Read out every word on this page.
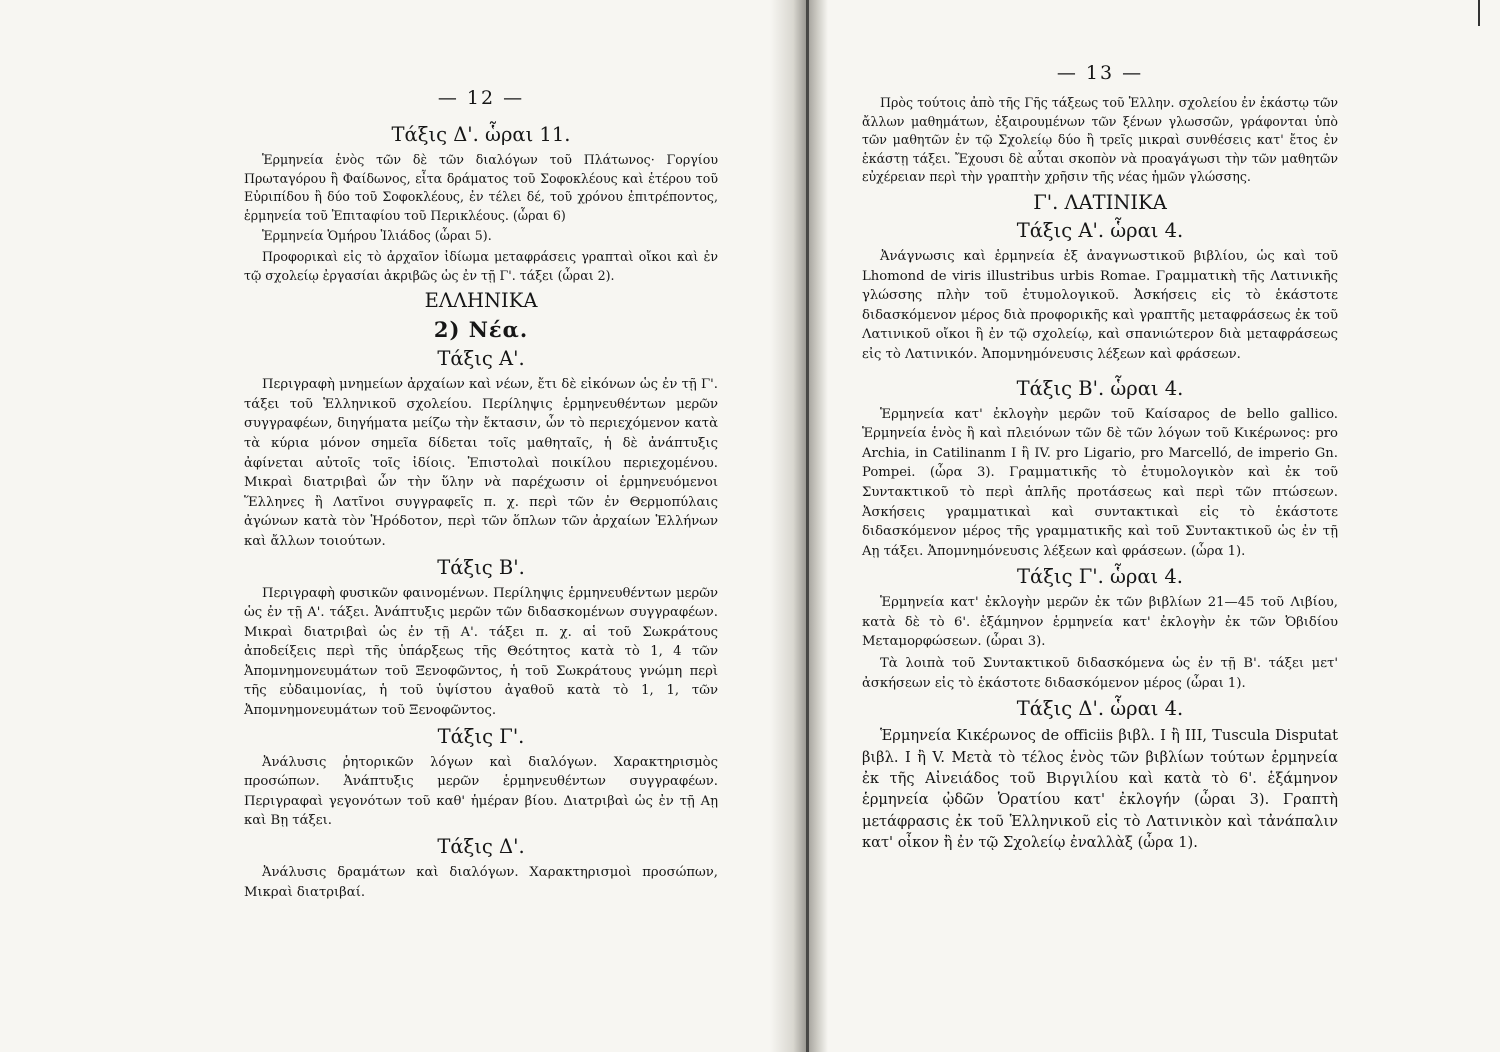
— 12 —
Τάξις Δ'. ὧραι 11.

Ἑρμηνεία ἑνὸς τῶν δὲ τῶν διαλόγων τοῦ Πλάτωνος· Γοργίου Πρωταγόρου ἢ Φαίδωνος, εἶτα δράματος τοῦ Σοφοκλέους καὶ ἑτέρου τοῦ Εὐριπίδου ἢ δύο τοῦ Σοφοκλέους, ἐν τέλει δέ, τοῦ χρόνου ἐπιτρέποντος, ἑρμηνεία τοῦ Ἐπιταφίου τοῦ Περικλέους. (ὧραι 6)

Ἑρμηνεία Ὁμήρου Ἰλιάδος (ὧραι 5).

Προφορικαὶ εἰς τὸ ἀρχαῖον ἰδίωμα μεταφράσεις γραπταὶ οἴκοι καὶ ἐν τῷ σχολείῳ ἐργασίαι ἀκριβῶς ὡς ἐν τῇ Γ'. τάξει (ὧραι 2).

ΕΛΛΗΝΙΚΑ
2) Νέα.
Τάξις Α'.

Περιγραφὴ μνημείων ἀρχαίων καὶ νέων, ἔτι δὲ εἰκόνων ὡς ἐν τῇ Γ'. τάξει τοῦ Ἑλληνικοῦ σχολείου. Περίληψις ἑρμηνευθέντων μερῶν συγγραφέων, διηγήματα μείζω τὴν ἔκτασιν, ὧν τὸ περιεχόμενον κατὰ τὰ κύρια μόνον σημεῖα δίδεται τοῖς μαθηταῖς, ἡ δὲ ἀνάπτυξις ἀφίνεται αὐτοῖς τοῖς ἰδίοις. Ἐπιστολαὶ ποικίλου περιεχομένου. Μικραὶ διατριβαὶ ὧν τὴν ὕλην νὰ παρέχωσιν οἱ ἑρμηνευόμενοι Ἕλληνες ἢ Λατῖνοι συγγραφεῖς π. χ. περὶ τῶν ἐν Θερμοπύλαις ἀγώνων κατὰ τὸν Ἡρόδοτον, περὶ τῶν ὅπλων τῶν ἀρχαίων Ἑλλήνων καὶ ἄλλων τοιούτων.

Τάξις Β'.

Περιγραφὴ φυσικῶν φαινομένων. Περίληψις ἑρμηνευθέντων μερῶν ὡς ἐν τῇ Α'. τάξει. Ἀνάπτυξις μερῶν τῶν διδασκομένων συγγραφέων. Μικραὶ διατριβαὶ ὡς ἐν τῇ Α'. τάξει π. χ. αἱ τοῦ Σωκράτους ἀποδείξεις περὶ τῆς ὑπάρξεως τῆς Θεότητος κατὰ τὸ 1, 4 τῶν Ἀπομνημονευμάτων τοῦ Ξενοφῶντος, ἡ τοῦ Σωκράτους γνώμη περὶ τῆς εὐδαιμονίας, ἡ τοῦ ὑψίστου ἀγαθοῦ κατὰ τὸ 1, 1, τῶν Ἀπομνημονευμάτων τοῦ Ξενοφῶντος.

Τάξις Γ'.

Ἀνάλυσις ῥητορικῶν λόγων καὶ διαλόγων. Χαρακτηρισμὸς προσώπων. Ἀνάπτυξις μερῶν ἑρμηνευθέντων συγγραφέων. Περιγραφαὶ γεγονότων τοῦ καθ' ἡμέραν βίου. Διατριβαὶ ὡς ἐν τῇ Αῃ καὶ Βῃ τάξει.

Τάξις Δ'.

Ἀνάλυσις δραμάτων καὶ διαλόγων. Χαρακτηρισμοὶ προσώπων, Μικραὶ διατριβαί.

— 13 —

Πρὸς τούτοις ἀπὸ τῆς Γῆς τάξεως τοῦ Ἑλλην. σχολείου ἐν ἑκάστῳ τῶν ἄλλων μαθημάτων, ἐξαιρουμένων τῶν ξένων γλωσσῶν, γράφονται ὑπὸ τῶν μαθητῶν ἐν τῷ Σχολείῳ δύο ἢ τρεῖς μικραὶ συνθέσεις κατ' ἔτος ἐν ἑκάστῃ τάξει. Ἔχουσι δὲ αὗται σκοπὸν νὰ προαγάγωσι τὴν τῶν μαθητῶν εὐχέρειαν περὶ τὴν γραπτὴν χρῆσιν τῆς νέας ἡμῶν γλώσσης.

Γ'. ΛΑΤΙΝΙΚΑ
Τάξις Α'. ὧραι 4.

Ἀνάγνωσις καὶ ἑρμηνεία ἐξ ἀναγνωστικοῦ βιβλίου, ὡς καὶ τοῦ Lhomond de viris illustribus urbis Romae. Γραμματικὴ τῆς Λατινικῆς γλώσσης πλὴν τοῦ ἐτυμολογικοῦ. Ἀσκήσεις εἰς τὸ ἑκάστοτε διδασκόμενον μέρος διὰ προφορικῆς καὶ γραπτῆς μεταφράσεως ἐκ τοῦ Λατινικοῦ οἴκοι ἢ ἐν τῷ σχολείῳ, καὶ σπανιώτερον διὰ μεταφράσεως εἰς τὸ Λατινικόν. Ἀπομνημόνευσις λέξεων καὶ φράσεων.

Τάξις Β'. ὧραι 4.

Ἑρμηνεία κατ' ἐκλογὴν μερῶν τοῦ Καίσαρος de bello gallico. Ἑρμηνεία ἑνὸς ἢ καὶ πλειόνων τῶν δὲ τῶν λόγων τοῦ Κικέρωνος: pro Archia, in Catilinanm I ἢ IV. pro Ligario, pro Marcellό, de imperio Gn. Pompei. (ὧρα 3). Γραμματικῆς τὸ ἐτυμολογικὸν καὶ ἐκ τοῦ Συντακτικοῦ τὸ περὶ ἁπλῆς προτάσεως καὶ περὶ τῶν πτώσεων. Ἀσκήσεις γραμματικαὶ καὶ συντακτικαὶ εἰς τὸ ἑκάστοτε διδασκόμενον μέρος τῆς γραμματικῆς καὶ τοῦ Συντακτικοῦ ὡς ἐν τῇ Αῃ τάξει. Ἀπομνημόνευσις λέξεων καὶ φράσεων. (ὧρα 1).

Τάξις Γ'. ὧραι 4.

Ἑρμηνεία κατ' ἐκλογὴν μερῶν ἐκ τῶν βιβλίων 21—45 τοῦ Λιβίου, κατὰ δὲ τὸ 6'. ἑξάμηνον ἑρμηνεία κατ' ἐκλογὴν ἐκ τῶν Ὀβιδίου Μεταμορφώσεων. (ὧραι 3).

Τὰ λοιπὰ τοῦ Συντακτικοῦ διδασκόμενα ὡς ἐν τῇ Β'. τάξει μετ' ἀσκήσεων εἰς τὸ ἑκάστοτε διδασκόμενον μέρος (ὧραι 1).

Τάξις Δ'. ὧραι 4.

Ἑρμηνεία Κικέρωνος de officiis βιβλ. I ἢ III, Tuscula Disputat βιβλ. I ἢ V. Μετὰ τὸ τέλος ἑνὸς τῶν βιβλίων τούτων ἑρμηνεία ἐκ τῆς Αἰνειάδος τοῦ Βιργιλίου καὶ κατὰ τὸ 6'. ἑξάμηνον ἑρμηνεία ᾠδῶν Ὁρατίου κατ' ἐκλογήν (ὧραι 3). Γραπτὴ μετάφρασις ἐκ τοῦ Ἑλληνικοῦ εἰς τὸ Λατινικὸν καὶ τἀνάπαλιν κατ' οἶκον ἢ ἐν τῷ Σχολείῳ ἐναλλὰξ (ὧρα 1).
